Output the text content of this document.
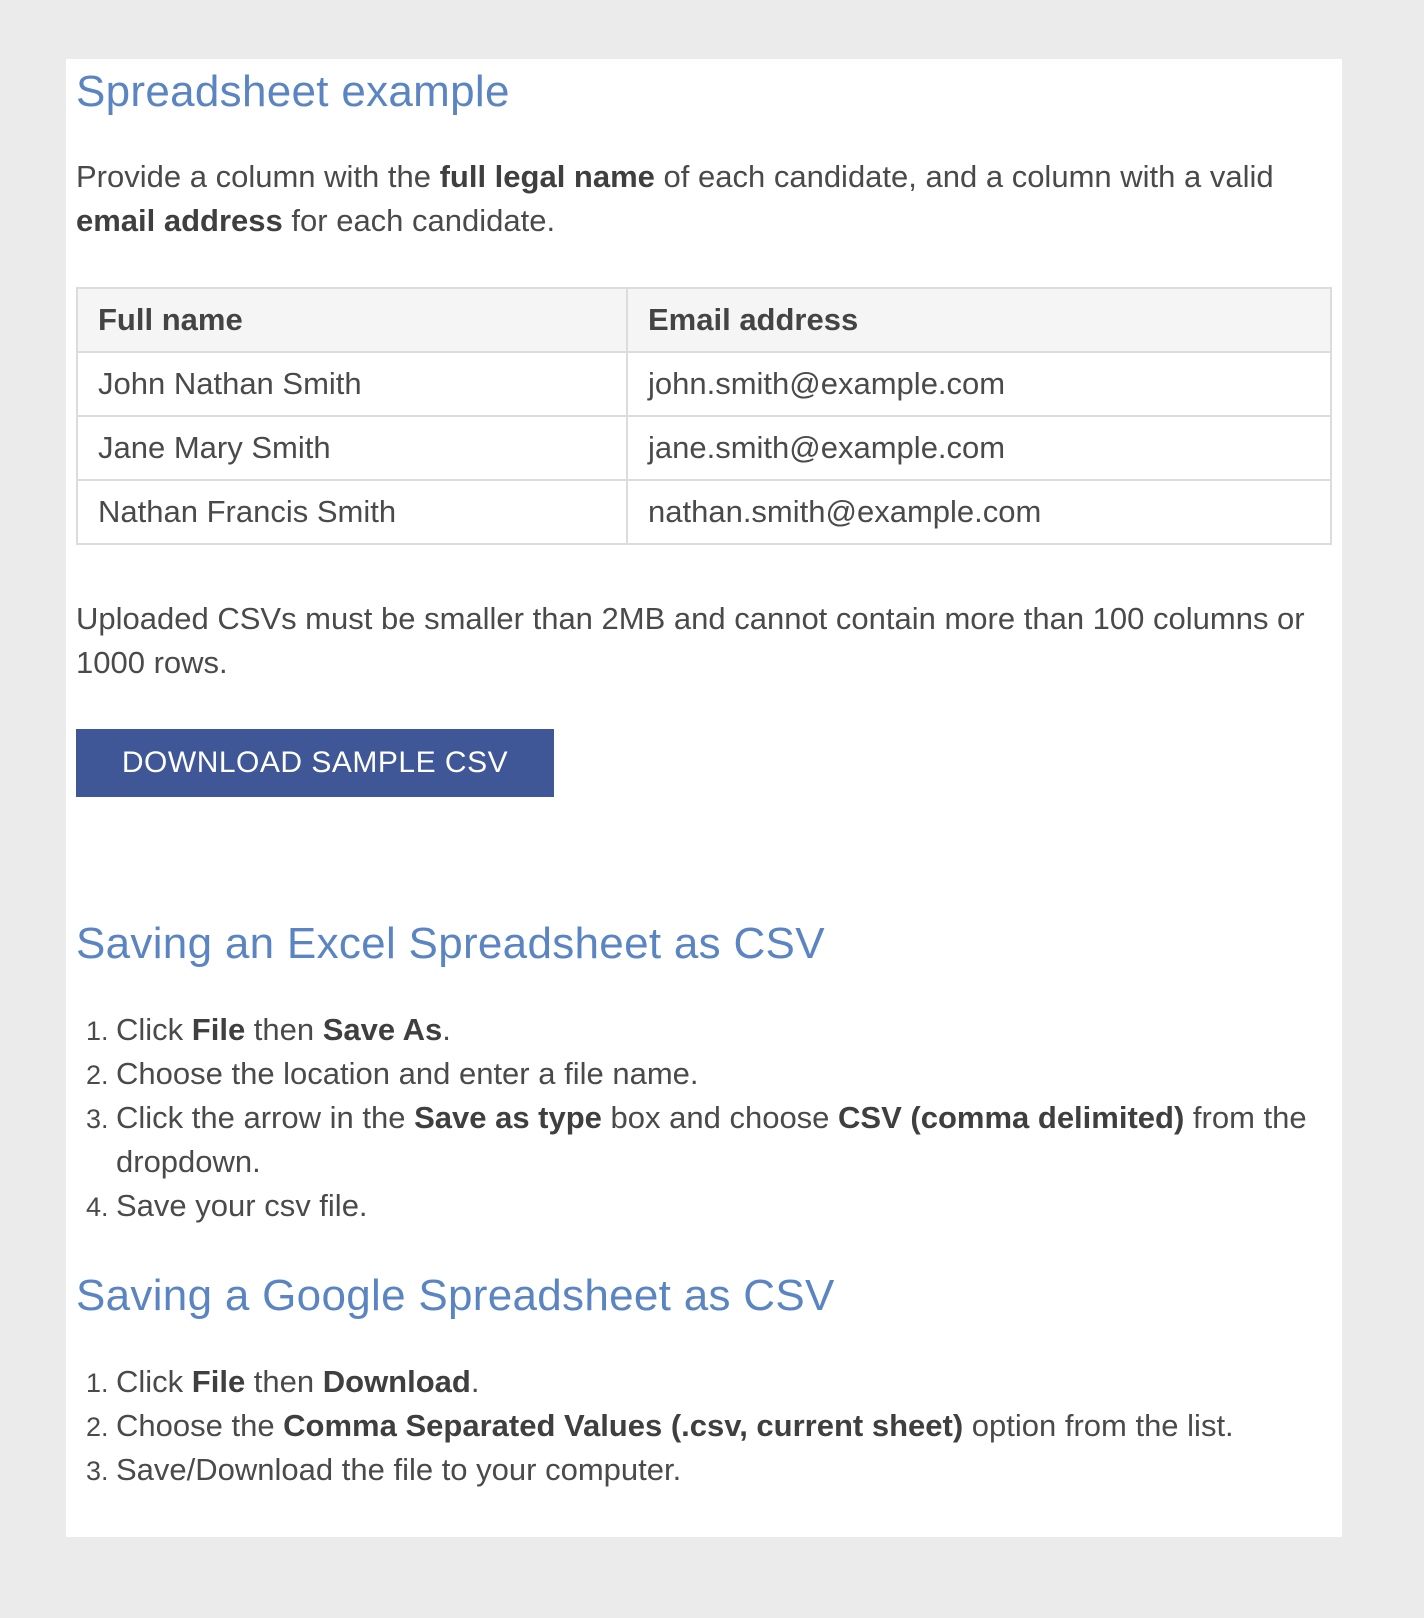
Spreadsheet example

Provide a column with the full legal name of each candidate, and a column with a valid email address for each candidate.

Full name	Email address
John Nathan Smith	john.smith@example.com
Jane Mary Smith	jane.smith@example.com
Nathan Francis Smith	nathan.smith@example.com

Uploaded CSVs must be smaller than 2MB and cannot contain more than 100 columns or 1000 rows.

DOWNLOAD SAMPLE CSV
Saving an Excel Spreadsheet as CSV
1. Click File then Save As.
2. Choose the location and enter a file name.
3. Click the arrow in the Save as type box and choose CSV (comma delimited) from the dropdown.
4. Save your csv file.
Saving a Google Spreadsheet as CSV
1. Click File then Download.
2. Choose the Comma Separated Values (.csv, current sheet) option from the list.
3. Save/Download the file to your computer.
